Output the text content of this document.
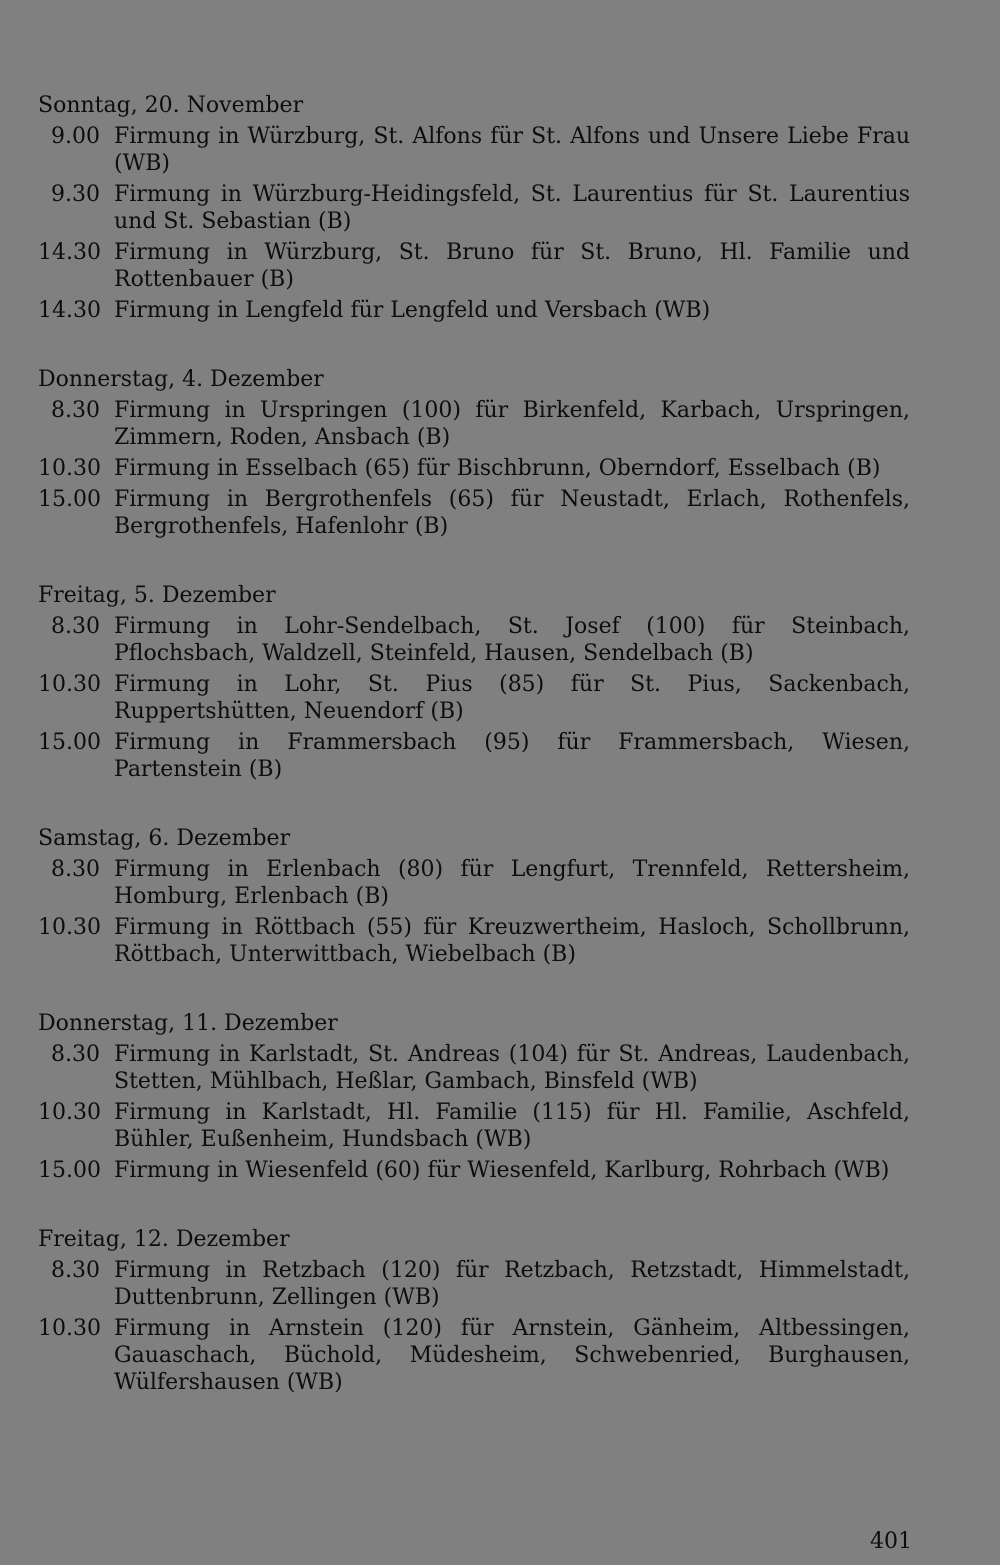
Sonntag, 20. November
9.00 Firmung in Würzburg, St. Alfons für St. Alfons und Unsere Liebe Frau (WB)
9.30 Firmung in Würzburg-Heidingsfeld, St. Laurentius für St. Laurentius und St. Sebastian (B)
14.30 Firmung in Würzburg, St. Bruno für St. Bruno, Hl. Familie und Rottenbauer (B)
14.30 Firmung in Lengfeld für Lengfeld und Versbach (WB)
Donnerstag, 4. Dezember
8.30 Firmung in Urspringen (100) für Birkenfeld, Karbach, Urspringen, Zimmern, Roden, Ansbach (B)
10.30 Firmung in Esselbach (65) für Bischbrunn, Oberndorf, Esselbach (B)
15.00 Firmung in Bergrothenfels (65) für Neustadt, Erlach, Rothenfels, Bergrothenfels, Hafenlohr (B)
Freitag, 5. Dezember
8.30 Firmung in Lohr-Sendelbach, St. Josef (100) für Steinbach, Pflochsbach, Waldzell, Steinfeld, Hausen, Sendelbach (B)
10.30 Firmung in Lohr, St. Pius (85) für St. Pius, Sackenbach, Ruppertshütten, Neuendorf (B)
15.00 Firmung in Frammersbach (95) für Frammersbach, Wiesen, Partenstein (B)
Samstag, 6. Dezember
8.30 Firmung in Erlenbach (80) für Lengfurt, Trennfeld, Rettersheim, Homburg, Erlenbach (B)
10.30 Firmung in Röttbach (55) für Kreuzwertheim, Hasloch, Schollbrunn, Röttbach, Unterwittbach, Wiebelbach (B)
Donnerstag, 11. Dezember
8.30 Firmung in Karlstadt, St. Andreas (104) für St. Andreas, Laudenbach, Stetten, Mühlbach, Heßlar, Gambach, Binsfeld (WB)
10.30 Firmung in Karlstadt, Hl. Familie (115) für Hl. Familie, Aschfeld, Bühler, Eußenheim, Hundsbach (WB)
15.00 Firmung in Wiesenfeld (60) für Wiesenfeld, Karlburg, Rohrbach (WB)
Freitag, 12. Dezember
8.30 Firmung in Retzbach (120) für Retzbach, Retzstadt, Himmelstadt, Duttenbrunn, Zellingen (WB)
10.30 Firmung in Arnstein (120) für Arnstein, Gänheim, Altbessingen, Gauaschach, Büchold, Müdesheim, Schwebenried, Burghausen, Wülfershausen (WB)
401
